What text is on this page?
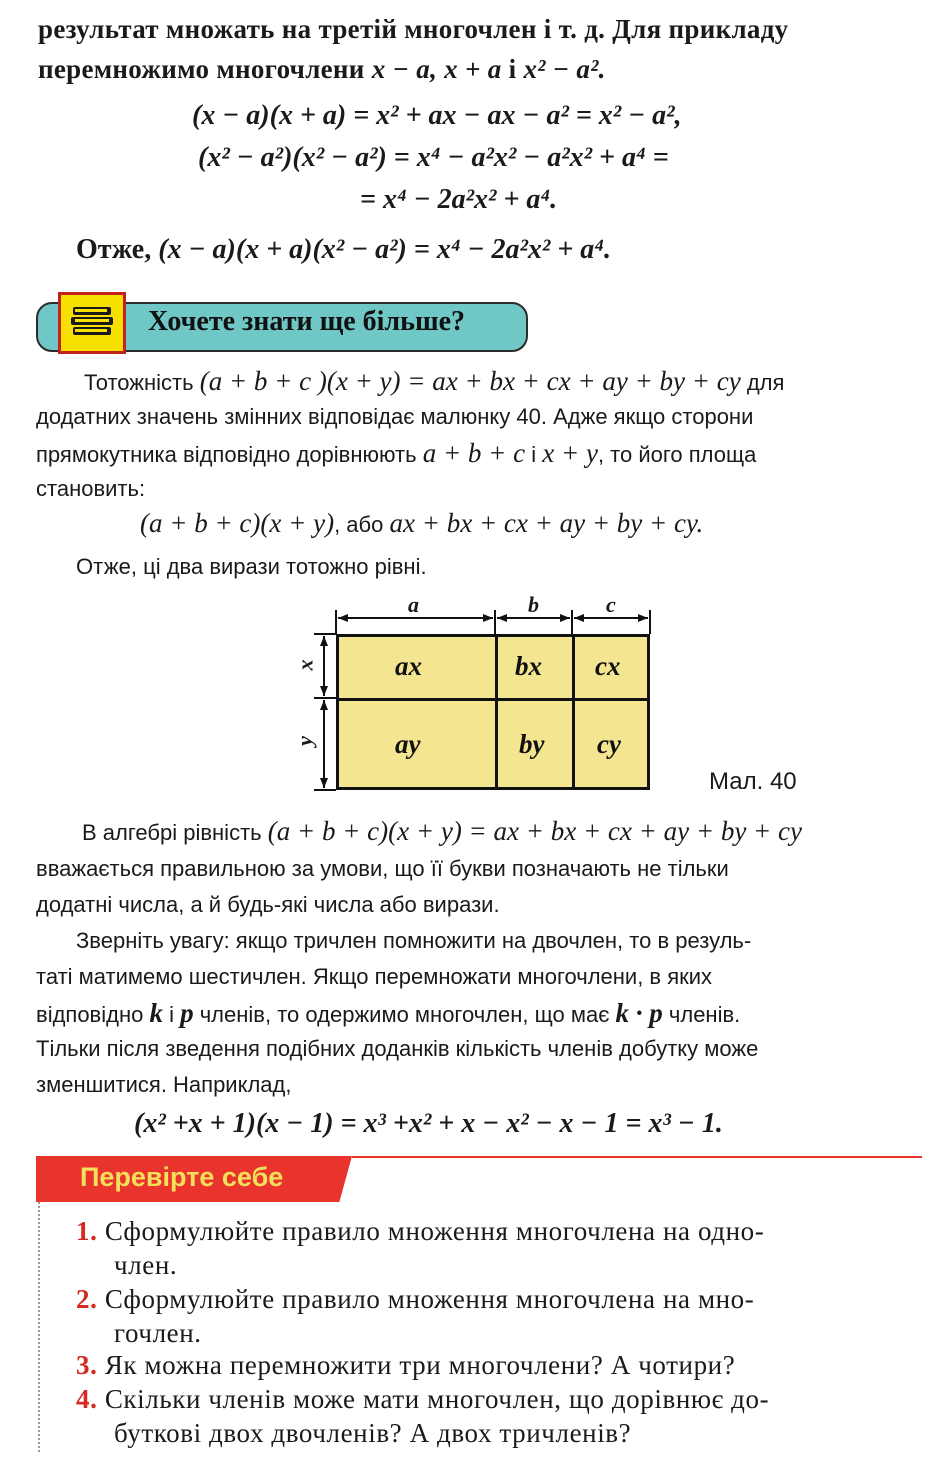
результат множать на третій многочлен і т. д. Для прикладу
перемножимо многочлени x − a, x + a і x² − a².
(x − a)(x + a) = x² + ax − ax − a² = x² − a²,
(x² − a²)(x² − a²) = x⁴ − a²x² − a²x² + a⁴ =
= x⁴ − 2a²x² + a⁴.
Отже, (x − a)(x + a)(x² − a²) = x⁴ − 2a²x² + a⁴.
Хочете знати ще більше?
Тотожність (a + b + c )(x + y) = ax + bx + cx + ay + by + cy для
додатних значень змінних відповідає малюнку 40. Адже якщо сторони
прямокутника відповідно дорівнюють a + b + c і x + y, то його площа
становить:
(a + b + c)(x + y), або ax + bx + cx + ay + by + cy.
Отже, ці два вирази тотожно рівні.
a	b	c
x
y
ax	bx cx
ay	by cy
Мал. 40
В алгебрі рівність (a + b + c)(x + y) = ax + bx + cx + ay + by + cy
вважається правильною за умови, що її букви позначають не тільки
додатні числа, а й будь-які числа або вирази.
Зверніть увагу: якщо тричлен помножити на двочлен, то в резуль-
таті матимемо шестичлен. Якщо перемножати многочлени, в яких
відповідно k і p членів, то одержимо многочлен, що має k · p членів.
Тільки після зведення подібних доданків кількість членів добутку може
зменшитися. Наприклад,
(x² +x + 1)(x − 1) = x³ +x² + x − x² − x − 1 = x³ − 1.
Перевірте себе
1. Сформулюйте правило множення многочлена на одно-
член.
2. Сформулюйте правило множення многочлена на мно-
гочлен.
3. Як можна перемножити три многочлени? А чотири?
4. Скільки членів може мати многочлен, що дорівнює до-
буткові двох двочленів? А двох тричленів?
